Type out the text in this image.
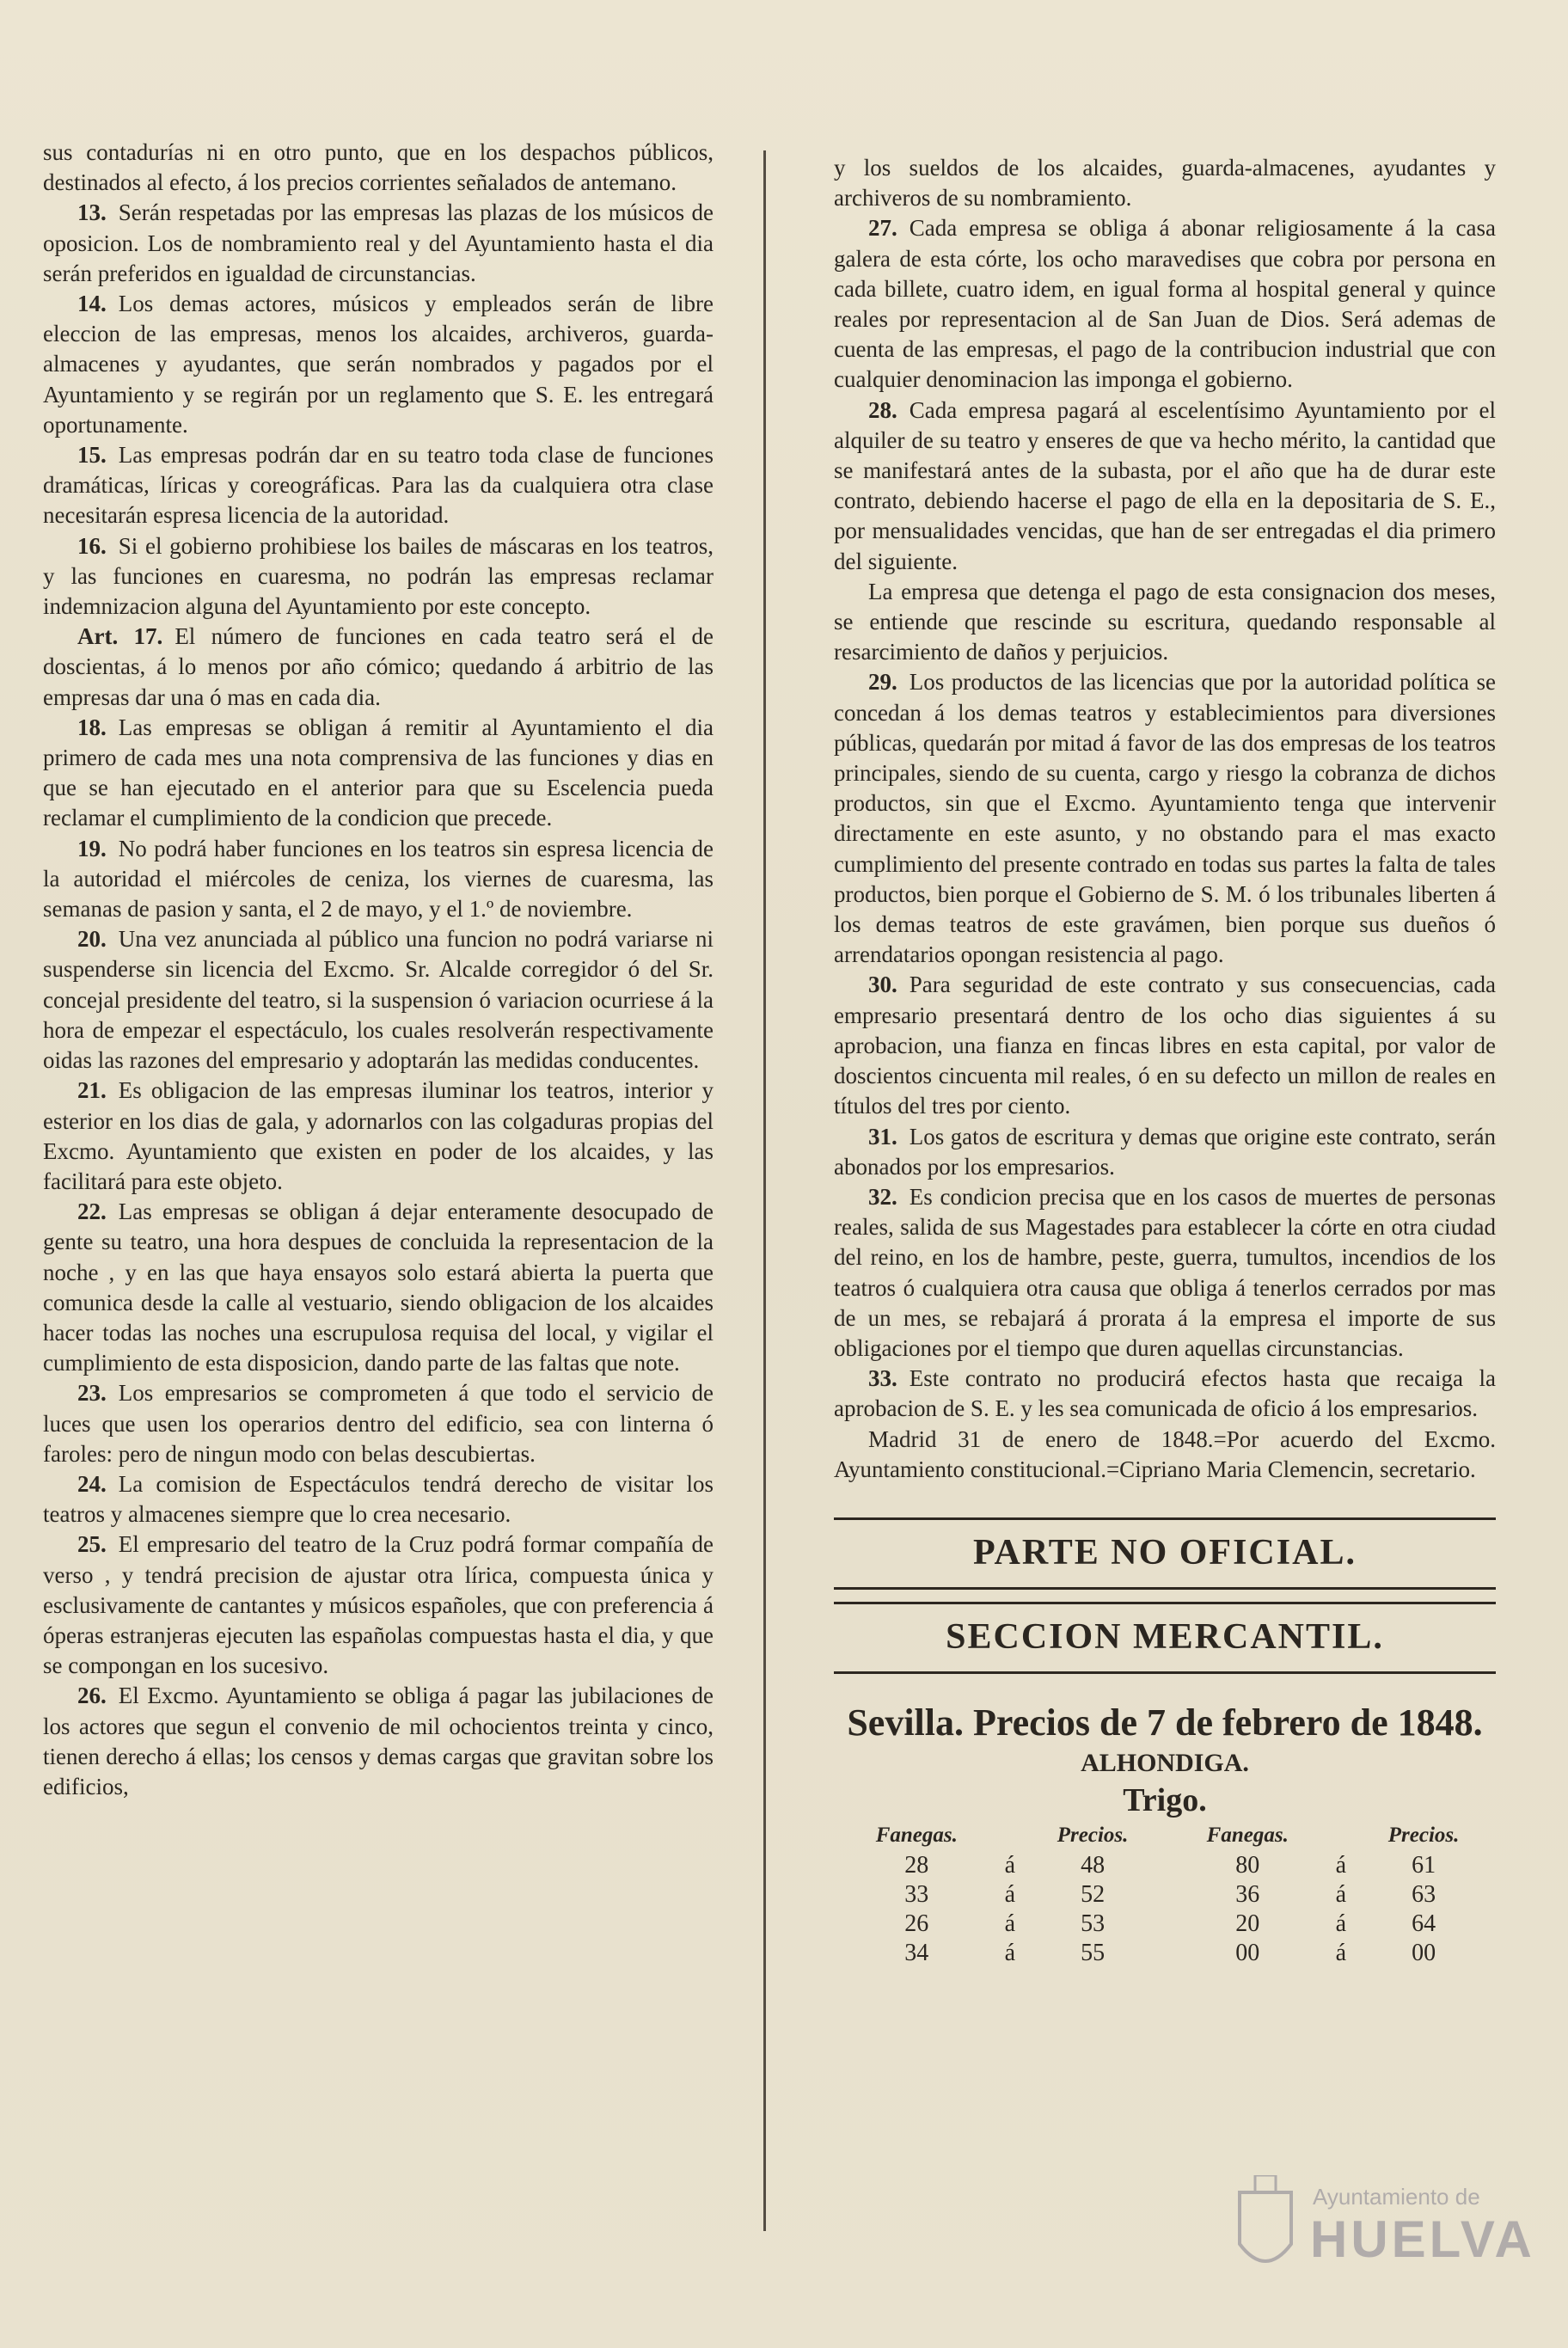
sus contadurías ni en otro punto, que en los despachos públicos, destinados al efecto, á los precios corrientes señalados de antemano.

13. Serán respetadas por las empresas las plazas de los músicos de oposicion. Los de nombramiento real y del Ayuntamiento hasta el dia serán preferidos en igualdad de circunstancias.

14. Los demas actores, músicos y empleados serán de libre eleccion de las empresas, menos los alcaides, archiveros, guarda-almacenes y ayudantes, que serán nombrados y pagados por el Ayuntamiento y se regirán por un reglamento que S. E. les entregará oportunamente.

15. Las empresas podrán dar en su teatro toda clase de funciones dramáticas, líricas y coreográficas. Para las da cualquiera otra clase necesitarán espresa licencia de la autoridad.

16. Si el gobierno prohibiese los bailes de máscaras en los teatros, y las funciones en cuaresma, no podrán las empresas reclamar indemnizacion alguna del Ayuntamiento por este concepto.

Art. 17. El número de funciones en cada teatro será el de doscientas, á lo menos por año cómico; quedando á arbitrio de las empresas dar una ó mas en cada dia.

18. Las empresas se obligan á remitir al Ayuntamiento el dia primero de cada mes una nota comprensiva de las funciones y dias en que se han ejecutado en el anterior para que su Escelencia pueda reclamar el cumplimiento de la condicion que precede.

19. No podrá haber funciones en los teatros sin espresa licencia de la autoridad el miércoles de ceniza, los viernes de cuaresma, las semanas de pasion y santa, el 2 de mayo, y el 1.º de noviembre.

20. Una vez anunciada al público una funcion no podrá variarse ni suspenderse sin licencia del Excmo. Sr. Alcalde corregidor ó del Sr. concejal presidente del teatro, si la suspension ó variacion ocurriese á la hora de empezar el espectáculo, los cuales resolverán respectivamente oidas las razones del empresario y adoptarán las medidas conducentes.

21. Es obligacion de las empresas iluminar los teatros, interior y esterior en los dias de gala, y adornarlos con las colgaduras propias del Excmo. Ayuntamiento que existen en poder de los alcaides, y las facilitará para este objeto.

22. Las empresas se obligan á dejar enteramente desocupado de gente su teatro, una hora despues de concluida la representacion de la noche , y en las que haya ensayos solo estará abierta la puerta que comunica desde la calle al vestuario, siendo obligacion de los alcaides hacer todas las noches una escrupulosa requisa del local, y vigilar el cumplimiento de esta disposicion, dando parte de las faltas que note.

23. Los empresarios se comprometen á que todo el servicio de luces que usen los operarios dentro del edificio, sea con linterna ó faroles: pero de ningun modo con belas descubiertas.

24. La comision de Espectáculos tendrá derecho de visitar los teatros y almacenes siempre que lo crea necesario.

25. El empresario del teatro de la Cruz podrá formar compañía de verso , y tendrá precision de ajustar otra lírica, compuesta única y esclusivamente de cantantes y músicos españoles, que con preferencia á óperas estranjeras ejecuten las españolas compuestas hasta el dia, y que se compongan en los sucesivo.

26. El Excmo. Ayuntamiento se obliga á pagar las jubilaciones de los actores que segun el convenio de mil ochocientos treinta y cinco, tienen derecho á ellas; los censos y demas cargas que gravitan sobre los edificios,

y los sueldos de los alcaides, guarda-almacenes, ayudantes y archiveros de su nombramiento.

27. Cada empresa se obliga á abonar religiosamente á la casa galera de esta córte, los ocho maravedises que cobra por persona en cada billete, cuatro idem, en igual forma al hospital general y quince reales por representacion al de San Juan de Dios. Será ademas de cuenta de las empresas, el pago de la contribucion industrial que con cualquier denominacion las imponga el gobierno.

28. Cada empresa pagará al escelentísimo Ayuntamiento por el alquiler de su teatro y enseres de que va hecho mérito, la cantidad que se manifestará antes de la subasta, por el año que ha de durar este contrato, debiendo hacerse el pago de ella en la depositaria de S. E., por mensualidades vencidas, que han de ser entregadas el dia primero del siguiente.

La empresa que detenga el pago de esta consignacion dos meses, se entiende que rescinde su escritura, quedando responsable al resarcimiento de daños y perjuicios.

29. Los productos de las licencias que por la autoridad política se concedan á los demas teatros y establecimientos para diversiones públicas, quedarán por mitad á favor de las dos empresas de los teatros principales, siendo de su cuenta, cargo y riesgo la cobranza de dichos productos, sin que el Excmo. Ayuntamiento tenga que intervenir directamente en este asunto, y no obstando para el mas exacto cumplimiento del presente contrado en todas sus partes la falta de tales productos, bien porque el Gobierno de S. M. ó los tribunales liberten á los demas teatros de este gravámen, bien porque sus dueños ó arrendatarios opongan resistencia al pago.

30. Para seguridad de este contrato y sus consecuencias, cada empresario presentará dentro de los ocho dias siguientes á su aprobacion, una fianza en fincas libres en esta capital, por valor de doscientos cincuenta mil reales, ó en su defecto un millon de reales en títulos del tres por ciento.

31. Los gatos de escritura y demas que origine este contrato, serán abonados por los empresarios.

32. Es condicion precisa que en los casos de muertes de personas reales, salida de sus Magestades para establecer la córte en otra ciudad del reino, en los de hambre, peste, guerra, tumultos, incendios de los teatros ó cualquiera otra causa que obliga á tenerlos cerrados por mas de un mes, se rebajará á prorata á la empresa el importe de sus obligaciones por el tiempo que duren aquellas circunstancias.

33. Este contrato no producirá efectos hasta que recaiga la aprobacion de S. E. y les sea comunicada de oficio á los empresarios.

Madrid 31 de enero de 1848.=Por acuerdo del Excmo. Ayuntamiento constitucional.=Cipriano Maria Clemencin, secretario.

PARTE NO OFICIAL.

SECCION MERCANTIL.

Sevilla. Precios de 7 de febrero de 1848.

ALHONDIGA.

Trigo.

Fanegas.		Precios.	Fanegas.		Precios.
28	á	48	80	á	61
33	á	52	36	á	63
26	á	53	20	á	64
34	á	55	00	á	00
Ayuntamiento de
HUELVA
